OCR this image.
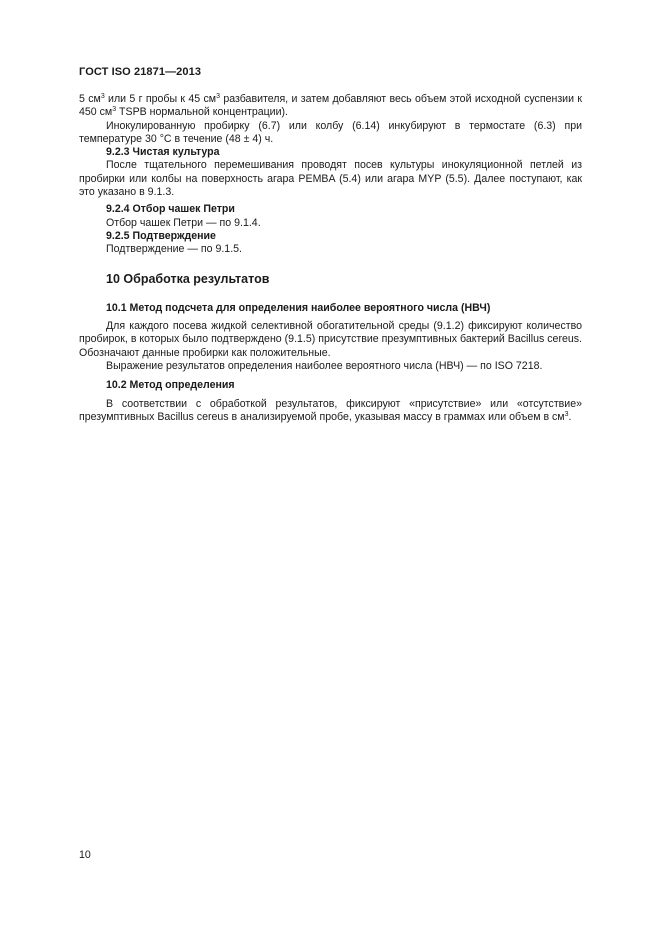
ГОСТ ISO 21871—2013

5 $см^3$ или 5 г пробы к 45 $см^3$ разбавителя, и затем добавляют весь объем этой исходной суспензии к 450 $см^3$ TSPB нормальной концентрации).

Инокулированную пробирку (6.7) или колбу (6.14) инкубируют в термостате (6.3) при температуре 30 °С в течение (48 ± 4) ч.

9.2.3 Чистая культура

После тщательного перемешивания проводят посев культуры инокуляционной петлей из пробирки или колбы на поверхность агара PEMBA (5.4) или агара MYP (5.5). Далее поступают, как это указано в 9.1.3.

9.2.4 Отбор чашек Петри

Отбор чашек Петри — по 9.1.4.

9.2.5 Подтверждение

Подтверждение — по 9.1.5.

10 Обработка результатов

10.1 Метод подсчета для определения наиболее вероятного числа (НВЧ)

Для каждого посева жидкой селективной обогатительной среды (9.1.2) фиксируют количество пробирок, в которых было подтверждено (9.1.5) присутствие презумптивных бактерий Bacillus cereus. Обозначают данные пробирки как положительные.

Выражение результатов определения наиболее вероятного числа (НВЧ) — по ISO 7218.

10.2 Метод определения

В соответствии с обработкой результатов, фиксируют «присутствие» или «отсутствие» презумптивных Bacillus cereus в анализируемой пробе, указывая массу в граммах или объем в $см^3$.

10
